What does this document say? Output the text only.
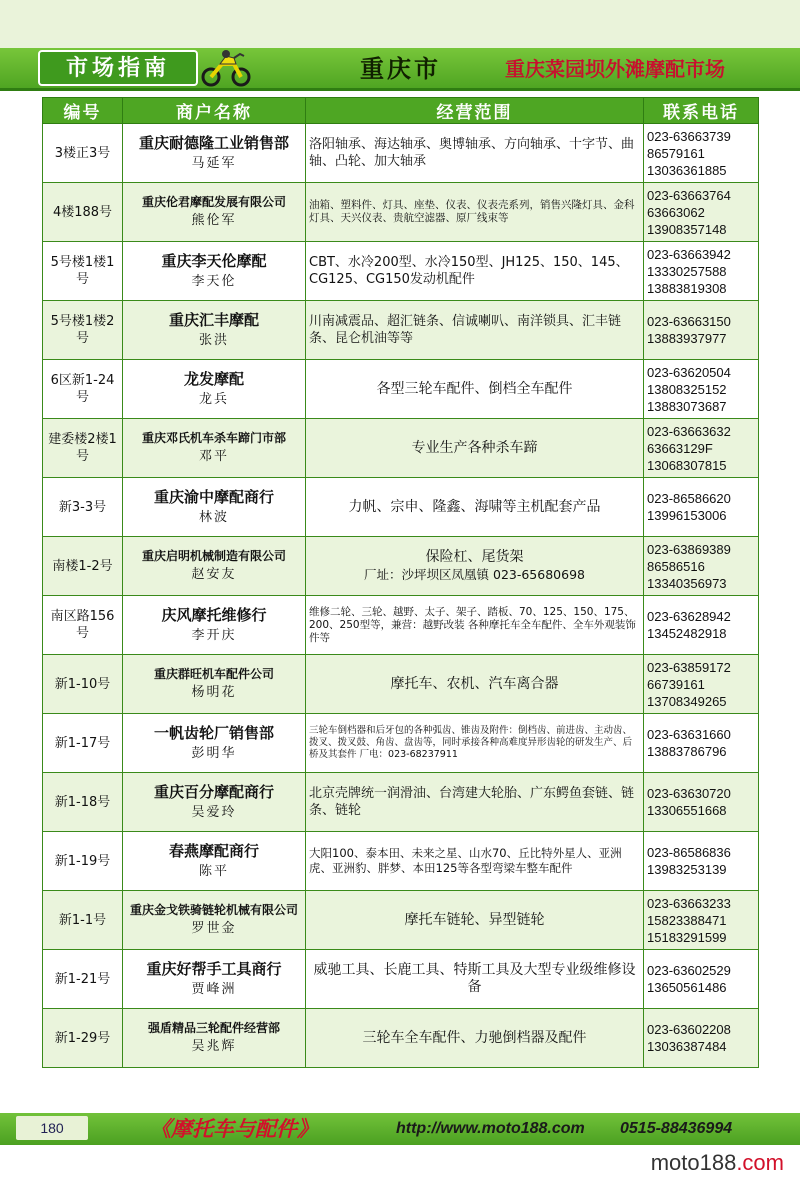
市场指南	重庆市	重庆菜园坝外滩摩配市场
编号	商户名称	经营范围	联系电话
3楼正3号	重庆耐德隆工业销售部
马延军	洛阳轴承、海达轴承、奥博轴承、方向轴承、十字节、曲轴、凸轮、加大轴承	023-63663739
86579161
13036361885

4楼188号	重庆伦君摩配发展有限公司
熊伦军	油箱、塑料件、灯具、座垫、仪表、仪表壳系列，销售兴隆灯具、金科灯具、天兴仪表、贵航空滤器、原厂线束等	023-63663764
63663062
13908357148

5号楼1楼1号	重庆李天伦摩配
李天伦	CBT、水冷200型、水冷150型、JH125、150、145、CG125、CG150发动机配件	023-63663942
13330257588
13883819308

5号楼1楼2号	重庆汇丰摩配
张洪	川南减震品、超汇链条、信诚喇叭、南洋锁具、汇丰链条、昆仑机油等等	023-63663150
13883937977

6区新1-24号	龙发摩配
龙兵	各型三轮车配件、倒档全车配件	023-63620504
13808325152
13883073687

建委楼2楼1号	重庆邓氏机车杀车蹄门市部
邓平	专业生产各种杀车蹄	023-63663632
63663129F
13068307815

新3-3号	重庆渝中摩配商行
林波	力帆、宗申、隆鑫、海啸等主机配套产品	023-86586620
13996153006

南楼1-2号	重庆启明机械制造有限公司
赵安友	保险杠、尾货架
厂址：沙坪坝区凤凰镇 023-65680698	023-63869389
86586516
13340356973

南区路156号	庆风摩托维修行
李开庆	维修二轮、三轮、越野、太子、架子、踏板、70、125、150、175、200、250型等，兼营：越野改装 各种摩托车全车配件、全车外观装饰件等	023-63628942
13452482918

新1-10号	重庆群旺机车配件公司
杨明花	摩托车、农机、汽车离合器	023-63859172
66739161
13708349265

新1-17号	一帆齿轮厂销售部
彭明华	三轮车倒档器和后牙包的各种弧齿、锥齿及附件：倒档齿、前进齿、主动齿、拨叉、拨叉鼓、角齿、盘齿等，同时承接各种高难度异形齿轮的研发生产、后桥及其套件 厂电：023-68237911	023-63631660
13883786796

新1-18号	重庆百分摩配商行
吴爱玲	北京壳牌统一润滑油、台湾建大轮胎、广东鳄鱼套链、链条、链轮	023-63630720
13306551668

新1-19号	春燕摩配商行
陈平	大阳100、泰本田、未来之星、山水70、丘比特外星人、亚洲虎、亚洲豹、胖梦、本田125等各型弯梁车整车配件	023-86586836
13983253139

新1-1号	重庆金戈铁骑链轮机械有限公司
罗世金	摩托车链轮、异型链轮	023-63663233
15823388471
15183291599

新1-21号	重庆好帮手工具商行
贾峰洲	威驰工具、长鹿工具、特斯工具及大型专业级维修设备	023-63602529
13650561486

新1-29号	强盾精品三轮配件经营部
吴兆辉	三轮车全车配件、力驰倒档器及配件	023-63602208
13036387484
180	《摩托车与配件》	http://www.moto188.com 0515-88436994
moto188.com
